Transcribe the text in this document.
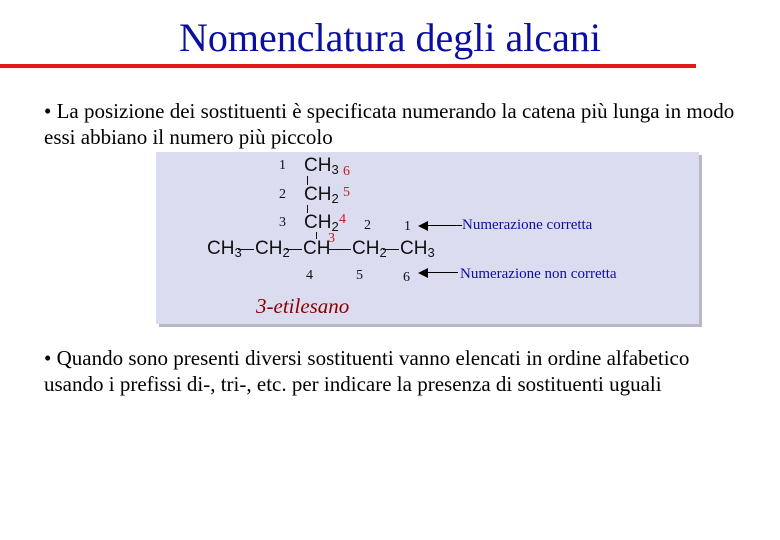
Nomenclatura degli alcani
• La posizione dei sostituenti è specificata numerando la catena più lunga in modo essi abbiano il numero più piccolo
1 $CH_3$ 6
2 $CH_2$ 5
3 $CH_2$ 4 2 1
$CH_3$ $CH_2$ CH
3 $CH_2$ $CH_3$
4	5	6
Numerazione corretta
Numerazione non corretta
3-etilesano
• Quando sono presenti diversi sostituenti vanno elencati in ordine alfabetico usando i prefissi di-, tri-, etc. per indicare la presenza di sostituenti uguali
